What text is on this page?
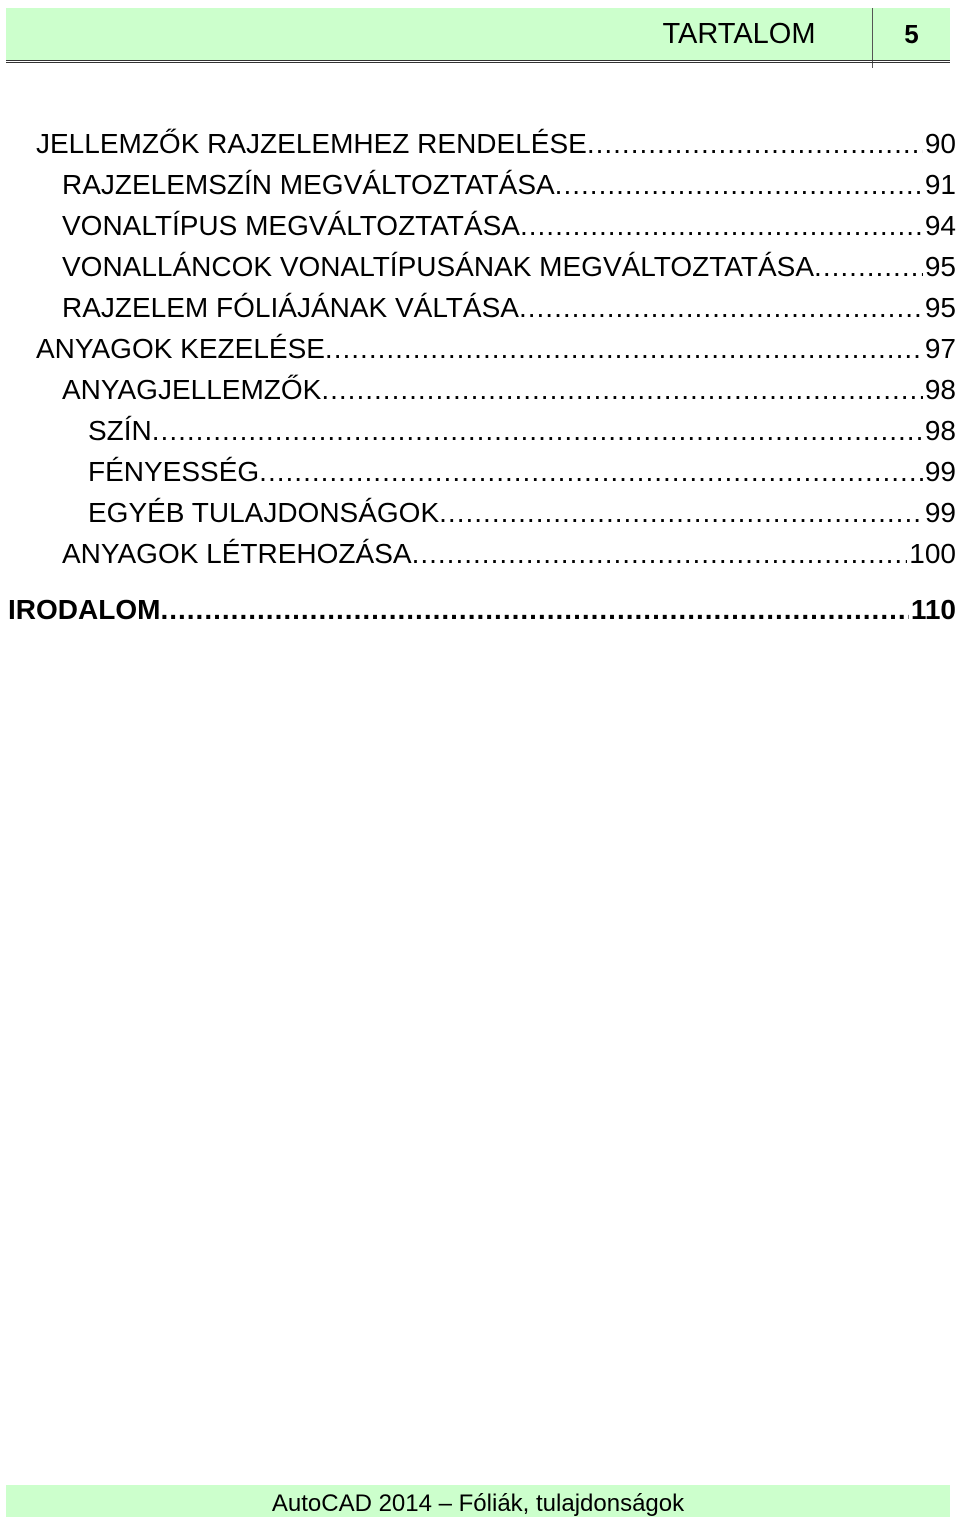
TARTALOM	5
JELLEMZŐK RAJZELEMHEZ RENDELÉSE .....	90
RAJZELEMSZÍN MEGVÁLTOZTATÁSA .....	91
VONALTÍPUS MEGVÁLTOZTATÁSA .....	94
VONALLÁNCOK VONALTÍPUSÁNAK MEGVÁLTOZTATÁSA .....	95
RAJZELEM FÓLIÁJÁNAK VÁLTÁSA .....	95
ANYAGOK KEZELÉSE .....	97
ANYAGJELLEMZŐK .....	98
SZÍN .....	98
FÉNYESSÉG .....	99
EGYÉB TULAJDONSÁGOK .....	99
ANYAGOK LÉTREHOZÁSA .....	100
IRODALOM .....	110
AutoCAD 2014 – Fóliák, tulajdonságok
